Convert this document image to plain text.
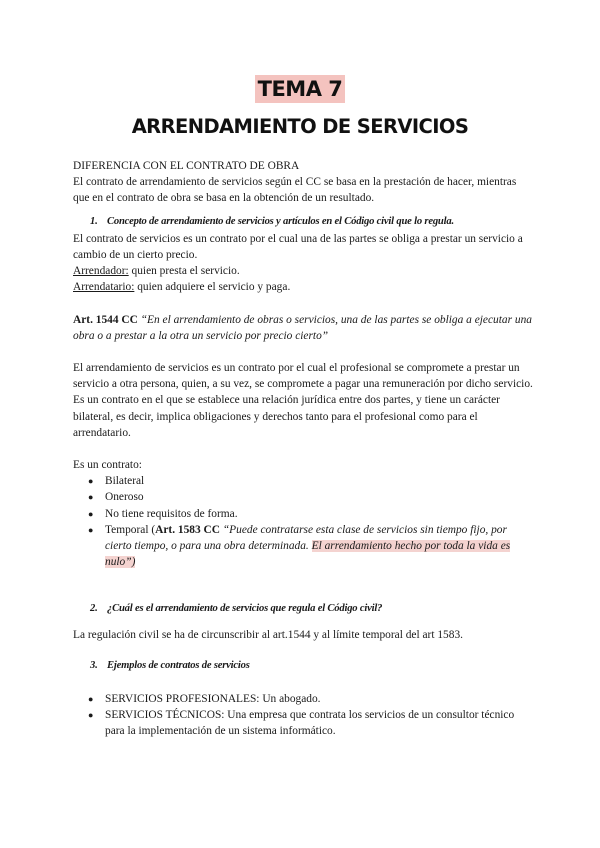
TEMA 7
ARRENDAMIENTO DE SERVICIOS

DIFERENCIA CON EL CONTRATO DE OBRA

El contrato de arrendamiento de servicios según el CC se basa en la prestación de hacer, mientras que en el contrato de obra se basa en la obtención de un resultado.

1. Concepto de arrendamiento de servicios y artículos en el Código civil que lo regula.

El contrato de servicios es un contrato por el cual una de las partes se obliga a prestar un servicio a cambio de un cierto precio.

Arrendador: quien presta el servicio.

Arrendatario: quien adquiere el servicio y paga.

Art. 1544 CC “En el arrendamiento de obras o servicios, una de las partes se obliga a ejecutar una obra o a prestar a la otra un servicio por precio cierto”

El arrendamiento de servicios es un contrato por el cual el profesional se compromete a prestar un servicio a otra persona, quien, a su vez, se compromete a pagar una remuneración por dicho servicio. Es un contrato en el que se establece una relación jurídica entre dos partes, y tiene un carácter bilateral, es decir, implica obligaciones y derechos tanto para el profesional como para el arrendatario.

Es un contrato:

● Bilateral
● Oneroso
● No tiene requisitos de forma.
● Temporal (Art. 1583 CC “Puede contratarse esta clase de servicios sin tiempo fijo, por cierto tiempo, o para una obra determinada. El arrendamiento hecho por toda la vida es nulo”)

2. ¿Cuál es el arrendamiento de servicios que regula el Código civil?

La regulación civil se ha de circunscribir al art.1544 y al límite temporal del art 1583.

3. Ejemplos de contratos de servicios

● SERVICIOS PROFESIONALES: Un abogado.
● SERVICIOS TÉCNICOS: Una empresa que contrata los servicios de un consultor técnico para la implementación de un sistema informático.
